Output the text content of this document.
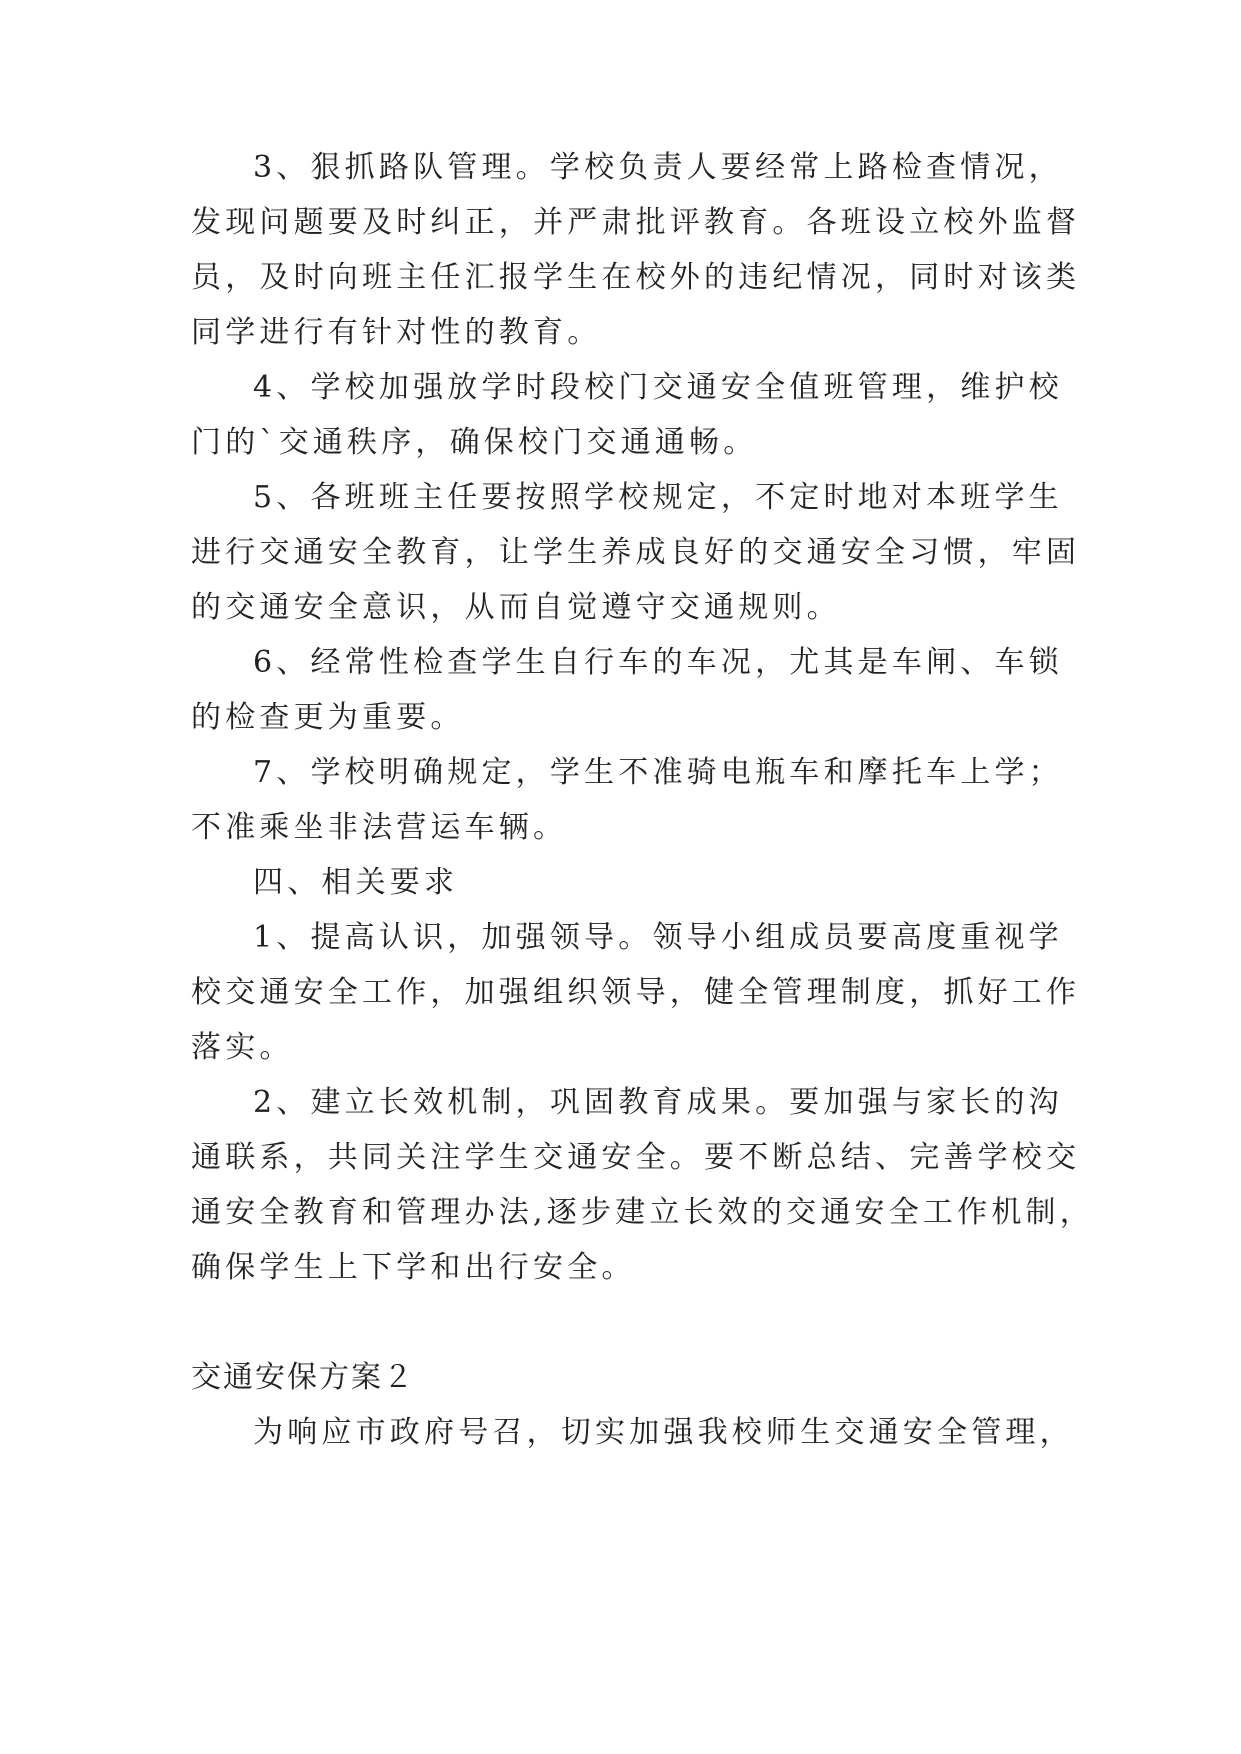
3、狠抓路队管理。学校负责人要经常上路检查情况，
发现问题要及时纠正，并严肃批评教育。各班设立校外监督
员，及时向班主任汇报学生在校外的违纪情况，同时对该类
同学进行有针对性的教育。
4、学校加强放学时段校门交通安全值班管理，维护校
门的`交通秩序，确保校门交通通畅。
5、各班班主任要按照学校规定，不定时地对本班学生
进行交通安全教育，让学生养成良好的交通安全习惯，牢固
的交通安全意识，从而自觉遵守交通规则。
6、经常性检查学生自行车的车况，尤其是车闸、车锁
的检查更为重要。
7、学校明确规定，学生不准骑电瓶车和摩托车上学；
不准乘坐非法营运车辆。
四、相关要求
1、提高认识，加强领导。领导小组成员要高度重视学
校交通安全工作，加强组织领导，健全管理制度，抓好工作
落实。
2、建立长效机制，巩固教育成果。要加强与家长的沟
通联系，共同关注学生交通安全。要不断总结、完善学校交
通安全教育和管理办法,逐步建立长效的交通安全工作机制，
确保学生上下学和出行安全。
交通安保方案２
为响应市政府号召，切实加强我校师生交通安全管理，
